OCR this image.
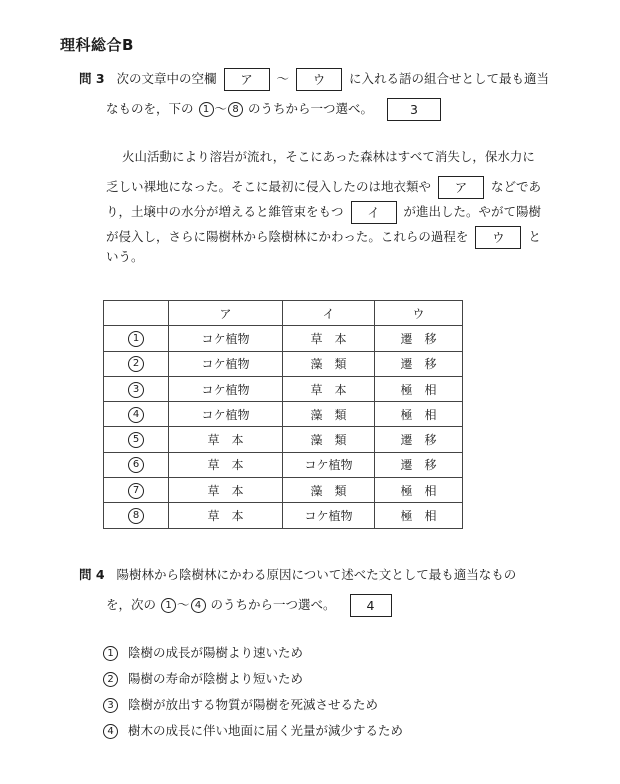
理科総合B
問 3 次の文章中の空欄 ア 〜 ウ に入れる語の組合せとして最も適当
なものを，下の 1 〜 8 のうちから一つ選べ。	3
火山活動により溶岩が流れ，そこにあった森林はすべて消失し，保水力に
乏しい裸地になった。そこに最初に侵入したのは地衣類や ア などであ
り，土壌中の水分が増えると維管束をもつ イ が進出した。やがて陽樹
が侵入し，さらに陽樹林から陰樹林にかわった。これらの過程を ウ と
いう。
	ア	イ	ウ
1	コケ植物	草　本	遷　移
2	コケ植物	藻　類	遷　移
3	コケ植物	草　本	極　相
4	コケ植物	藻　類	極　相
5	草　本	藻　類	遷　移
6	草　本	コケ植物	遷　移
7	草　本	藻　類	極　相
8	草　本	コケ植物	極　相
問 4 陽樹林から陰樹林にかわる原因について述べた文として最も適当なもの
を，次の 1 〜 4 のうちから一つ選べ。 4
1 陰樹の成長が陽樹より速いため
2 陽樹の寿命が陰樹より短いため
3 陰樹が放出する物質が陽樹を死滅させるため
4 樹木の成長に伴い地面に届く光量が減少するため
